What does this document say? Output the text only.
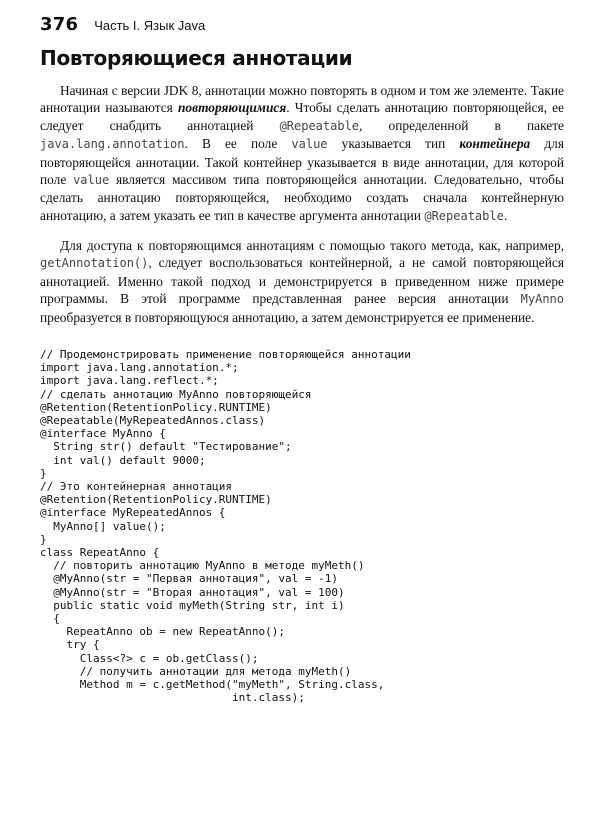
376 Часть I. Язык Java
Повторяющиеся аннотации

Начиная с версии JDK 8, аннотации можно повторять в одном и том же элементе. Такие аннотации называются повторяющимися. Чтобы сделать аннотацию повторяющейся, ее следует снабдить аннотацией @Repeatable, определенной в пакете java.lang.annotation. В ее поле value указывается тип контейнера для повторяющейся аннотации. Такой контейнер указывается в виде аннотации, для которой поле value является массивом типа повторяющейся аннотации. Следовательно, чтобы сделать аннотацию повторяющейся, необходимо создать сначала контейнерную аннотацию, а затем указать ее тип в качестве аргумента аннотации @Repeatable.

Для доступа к повторяющимся аннотациям с помощью такого метода, как, например, getAnnotation(), следует воспользоваться контейнерной, а не самой повторяющейся аннотацией. Именно такой подход и демонстрируется в приведенном ниже примере программы. В этой программе представленная ранее версия аннотации MyAnno преобразуется в повторяющуюся аннотацию, а затем демонстрируется ее применение.

// Продемонстрировать применение повторяющейся аннотации
import java.lang.annotation.*;
import java.lang.reflect.*;
// сделать аннотацию MyAnno повторяющейся
@Retention(RetentionPolicy.RUNTIME)
@Repeatable(MyRepeatedAnnos.class)
@interface MyAnno {
String str() default "Тестирование";
int val() default 9000;
}
// Это контейнерная аннотация
@Retention(RetentionPolicy.RUNTIME)
@interface MyRepeatedAnnos {
MyAnno[] value();
}
class RepeatAnno {
// повторить аннотацию MyAnno в методе myMeth()
@MyAnno(str = "Первая аннотация", val = -1)
@MyAnno(str = "Вторая аннотация", val = 100)
public static void myMeth(String str, int i)
{
RepeatAnno ob = new RepeatAnno();
try {
Class<?> c = ob.getClass();
// получить аннотации для метода myMeth()
Method m = c.getMethod("myMeth", String.class,
int.class);
